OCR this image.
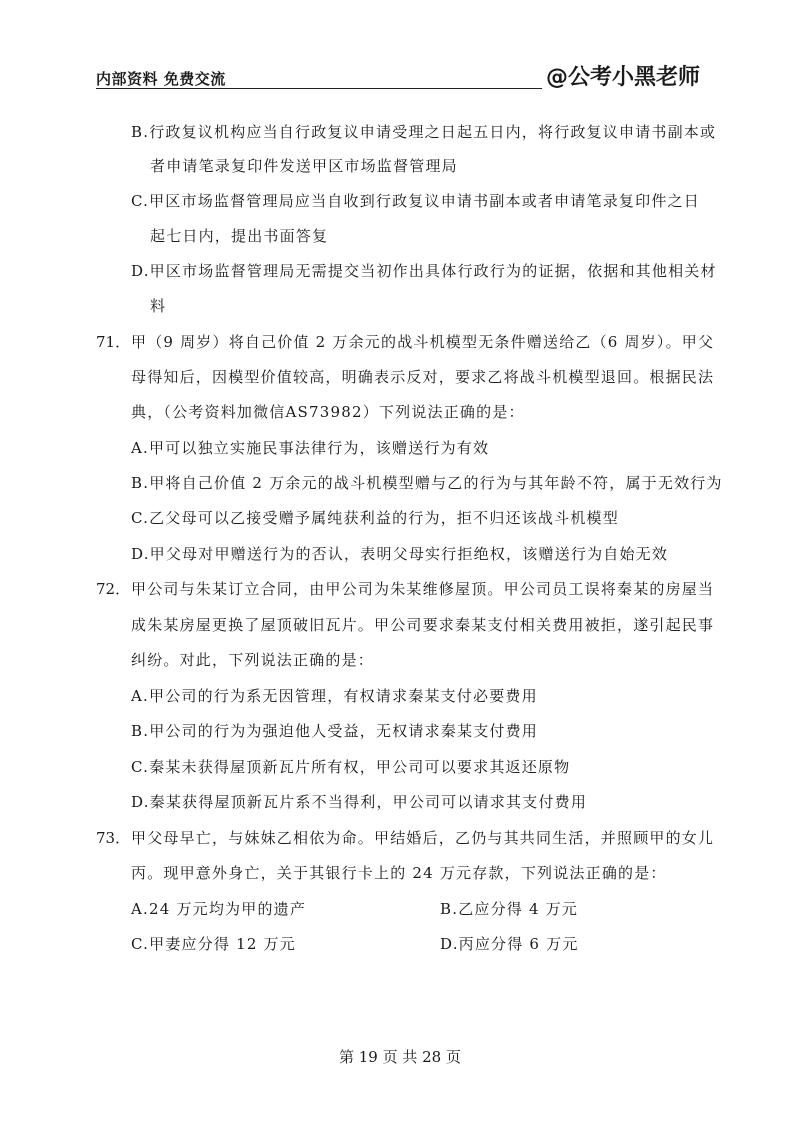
内部资料 免费交流	@公考小黑老师
B.行政复议机构应当自行政复议申请受理之日起五日内，将行政复议申请书副本或
者申请笔录复印件发送甲区市场监督管理局
C.甲区市场监督管理局应当自收到行政复议申请书副本或者申请笔录复印件之日
起七日内，提出书面答复
D.甲区市场监督管理局无需提交当初作出具体行政行为的证据，依据和其他相关材
料
71． 甲（9 周岁）将自己价值 2 万余元的战斗机模型无条件赠送给乙（6 周岁）。甲父
母得知后，因模型价值较高，明确表示反对，要求乙将战斗机模型退回。根据民法
典，（公考资料加微信AS73982）下列说法正确的是：
A.甲可以独立实施民事法律行为，该赠送行为有效
B.甲将自己价值 2 万余元的战斗机模型赠与乙的行为与其年龄不符，属于无效行为
C.乙父母可以乙接受赠予属纯获利益的行为，拒不归还该战斗机模型
D.甲父母对甲赠送行为的否认，表明父母实行拒绝权，该赠送行为自始无效
72． 甲公司与朱某订立合同，由甲公司为朱某维修屋顶。甲公司员工误将秦某的房屋当
成朱某房屋更换了屋顶破旧瓦片。甲公司要求秦某支付相关费用被拒，遂引起民事
纠纷。对此，下列说法正确的是：
A.甲公司的行为系无因管理，有权请求秦某支付必要费用
B.甲公司的行为为强迫他人受益，无权请求秦某支付费用
C.秦某未获得屋顶新瓦片所有权，甲公司可以要求其返还原物
D.秦某获得屋顶新瓦片系不当得利，甲公司可以请求其支付费用
73． 甲父母早亡，与妹妹乙相依为命。甲结婚后，乙仍与其共同生活，并照顾甲的女儿
丙。现甲意外身亡，关于其银行卡上的 24 万元存款，下列说法正确的是：
A.24 万元均为甲的遗产	B.乙应分得 4 万元
C.甲妻应分得 12 万元	D.丙应分得 6 万元
第 19 页 共 28 页
